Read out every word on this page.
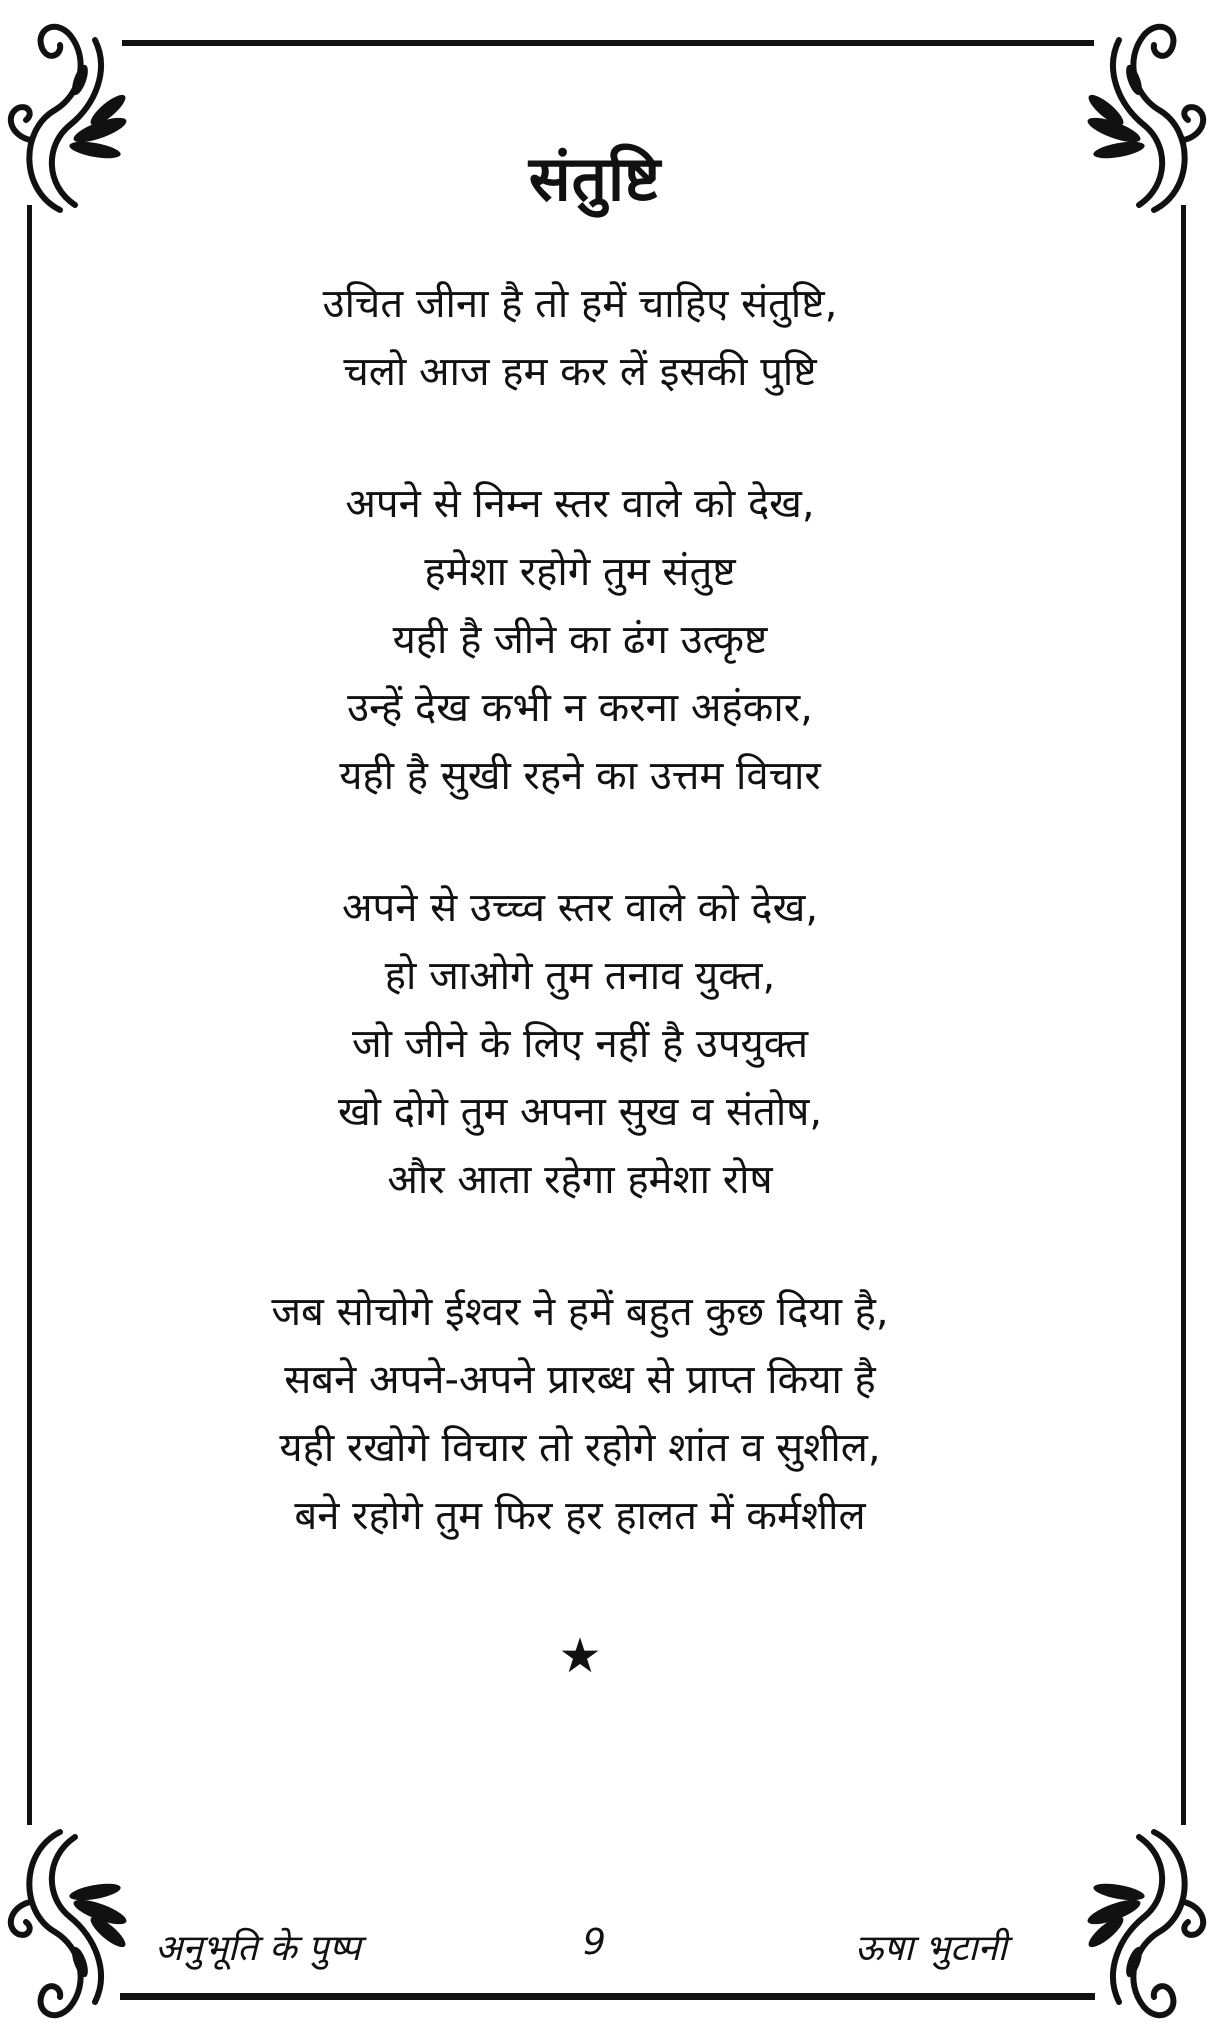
संतुष्टि
उचित जीना है तो हमें चाहिए संतुष्टि,
चलो आज हम कर लें इसकी पुष्टि
अपने से निम्न स्तर वाले को देख,
हमेशा रहोगे तुम संतुष्ट
यही है जीने का ढंग उत्कृष्ट
उन्हें देख कभी न करना अहंकार,
यही है सुखी रहने का उत्तम विचार
अपने से उच्च्व स्तर वाले को देख,
हो जाओगे तुम तनाव युक्त,
जो जीने के लिए नहीं है उपयुक्त
खो दोगे तुम अपना सुख व संतोष,
और आता रहेगा हमेशा रोष
जब सोचोगे ईश्वर ने हमें बहुत कुछ दिया है,
सबने अपने-अपने प्रारब्ध से प्राप्त किया है
यही रखोगे विचार तो रहोगे शांत व सुशील,
बने रहोगे तुम फिर हर हालत में कर्मशील
★
अनुभूति के पुष्प	9	ऊषा भुटानी
